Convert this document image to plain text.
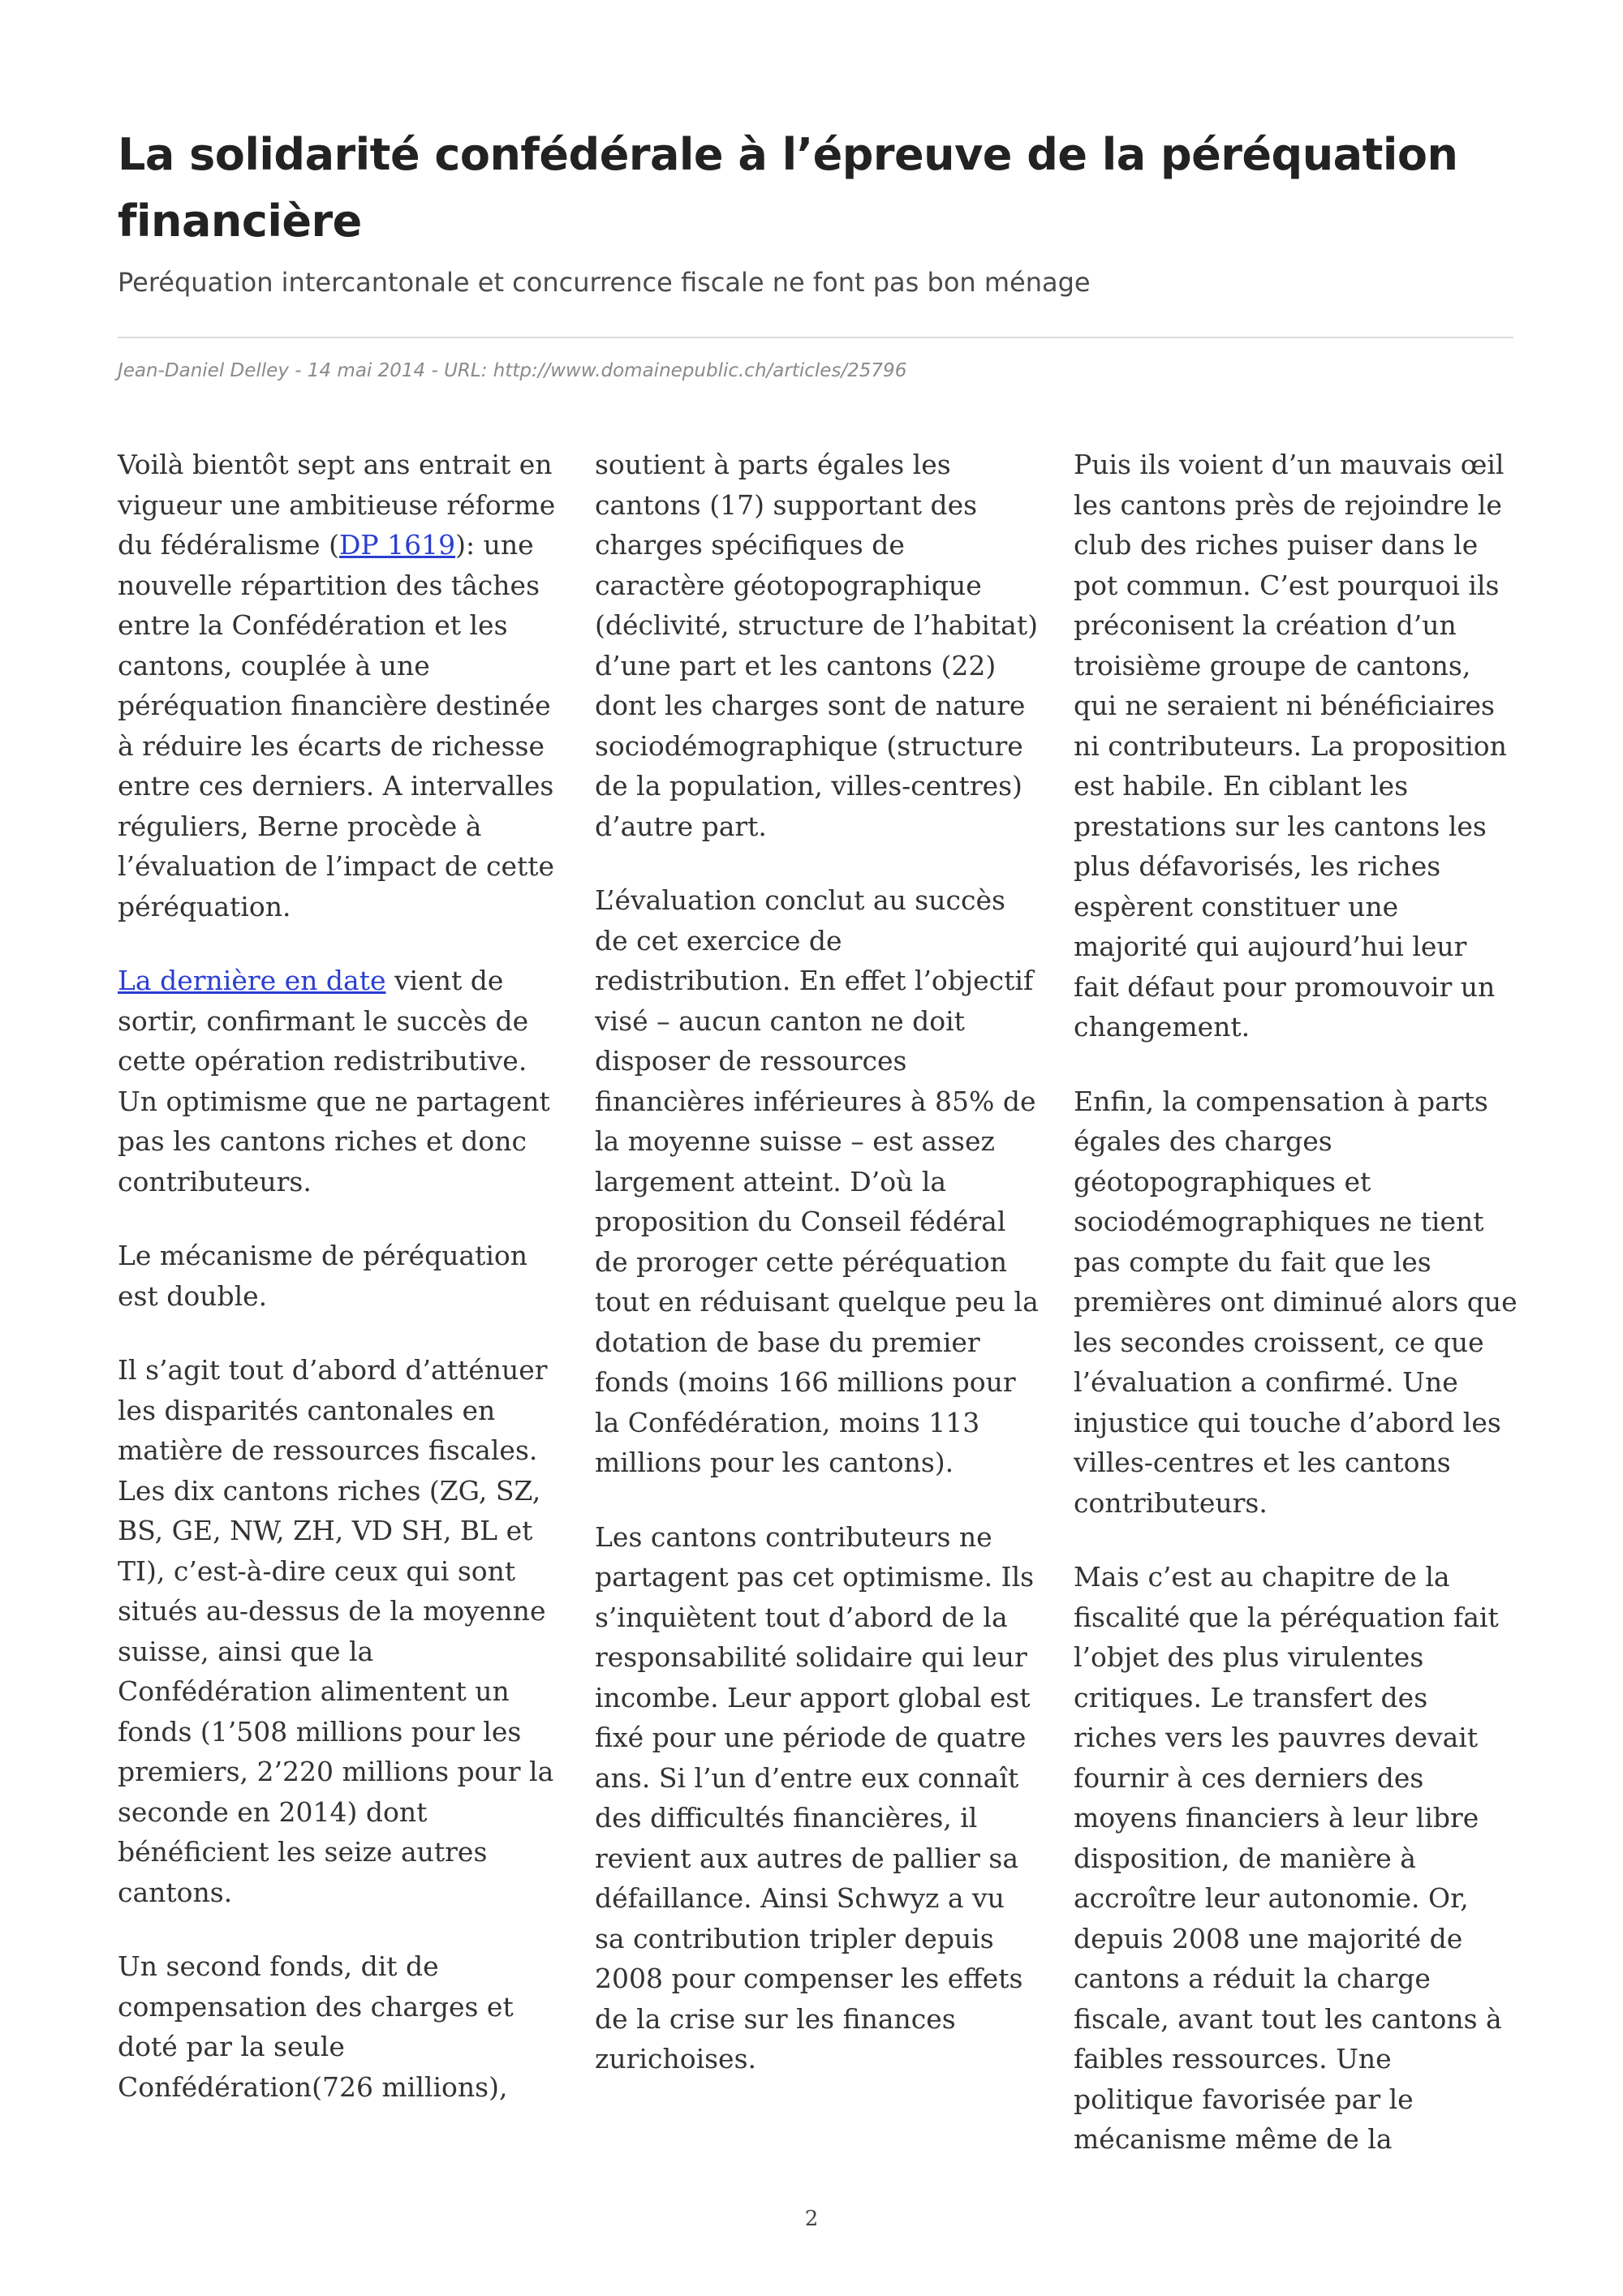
La solidarité confédérale à l’épreuve de la péréquation financière
Peréquation intercantonale et concurrence fiscale ne font pas bon ménage
Jean-Daniel Delley - 14 mai 2014 - URL: http://www.domainepublic.ch/articles/25796

Voilà bientôt sept ans entrait en vigueur une ambitieuse réforme du fédéralisme (DP 1619): une nouvelle répartition des tâches entre la Confédération et les cantons, couplée à une péréquation financière destinée à réduire les écarts de richesse entre ces derniers. A intervalles réguliers, Berne procède à l’évaluation de l’impact de cette péréquation.

La dernière en date vient de sortir, confirmant le succès de cette opération redistributive. Un optimisme que ne partagent pas les cantons riches et donc contributeurs.

Le mécanisme de péréquation est double.

Il s’agit tout d’abord d’atténuer les disparités cantonales en matière de ressources fiscales. Les dix cantons riches (ZG, SZ, BS, GE, NW, ZH, VD SH, BL et TI), c’est-à-dire ceux qui sont situés au-dessus de la moyenne suisse, ainsi que la Confédération alimentent un fonds (1’508 millions pour les premiers, 2’220 millions pour la seconde en 2014) dont bénéficient les seize autres cantons.

Un second fonds, dit de compensation des charges et doté par la seule Confédération(726 millions),

soutient à parts égales les cantons (17) supportant des charges spécifiques de caractère géotopographique (déclivité, structure de l’habitat) d’une part et les cantons (22) dont les charges sont de nature sociodémographique (structure de la population, villes-centres) d’autre part.

L’évaluation conclut au succès de cet exercice de redistribution. En effet l’objectif visé – aucun canton ne doit disposer de ressources financières inférieures à 85% de la moyenne suisse – est assez largement atteint. D’où la proposition du Conseil fédéral de proroger cette péréquation tout en réduisant quelque peu la dotation de base du premier fonds (moins 166 millions pour la Confédération, moins 113 millions pour les cantons).

Les cantons contributeurs ne partagent pas cet optimisme. Ils s’inquiètent tout d’abord de la responsabilité solidaire qui leur incombe. Leur apport global est fixé pour une période de quatre ans. Si l’un d’entre eux connaît des difficultés financières, il revient aux autres de pallier sa défaillance. Ainsi Schwyz a vu sa contribution tripler depuis 2008 pour compenser les effets de la crise sur les finances zurichoises.

Puis ils voient d’un mauvais œil les cantons près de rejoindre le club des riches puiser dans le pot commun. C’est pourquoi ils préconisent la création d’un troisième groupe de cantons, qui ne seraient ni bénéficiaires ni contributeurs. La proposition est habile. En ciblant les prestations sur les cantons les plus défavorisés, les riches espèrent constituer une majorité qui aujourd’hui leur fait défaut pour promouvoir un changement.

Enfin, la compensation à parts égales des charges géotopographiques et sociodémographiques ne tient pas compte du fait que les premières ont diminué alors que les secondes croissent, ce que l’évaluation a confirmé. Une injustice qui touche d’abord les villes-centres et les cantons contributeurs.

Mais c’est au chapitre de la fiscalité que la péréquation fait l’objet des plus virulentes critiques. Le transfert des riches vers les pauvres devait fournir à ces derniers des moyens financiers à leur libre disposition, de manière à accroître leur autonomie. Or, depuis 2008 une majorité de cantons a réduit la charge fiscale, avant tout les cantons à faibles ressources. Une politique favorisée par le mécanisme même de la

2
